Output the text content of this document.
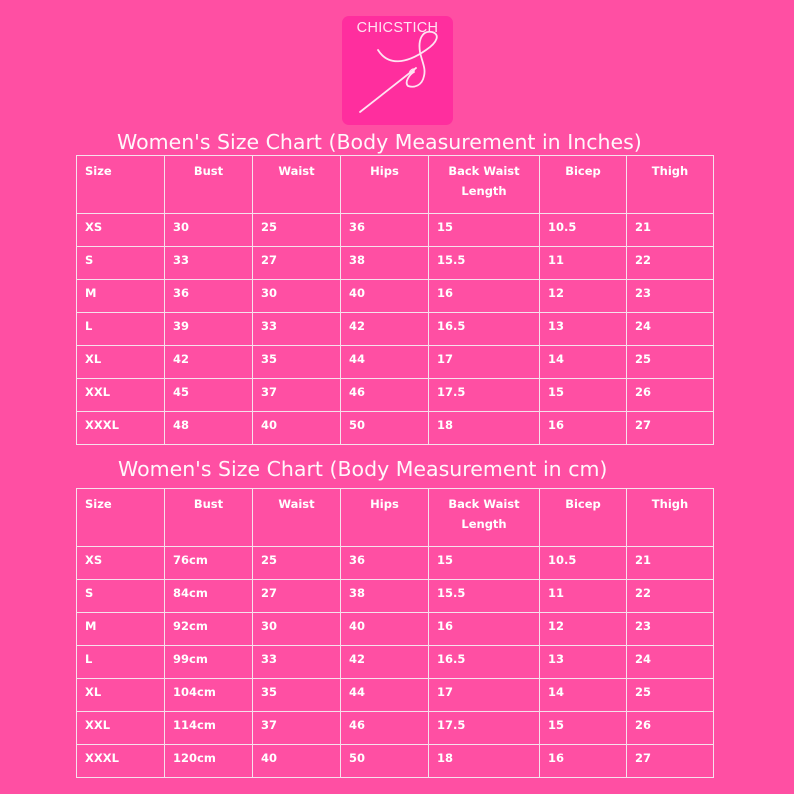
CHICSTICH
Women's Size Chart (Body Measurement in Inches)
Size	Bust	Waist	Hips	Back Waist Length	Bicep	Thigh
XS	30	25	36	15	10.5	21
S	33	27	38	15.5	11	22
M	36	30	40	16	12	23
L	39	33	42	16.5	13	24
XL	42	35	44	17	14	25
XXL	45	37	46	17.5	15	26
XXXL	48	40	50	18	16	27
Women's Size Chart (Body Measurement in cm)
Size	Bust	Waist	Hips	Back Waist Length	Bicep	Thigh
XS	76cm	25	36	15	10.5	21
S	84cm	27	38	15.5	11	22
M	92cm	30	40	16	12	23
L	99cm	33	42	16.5	13	24
XL	104cm	35	44	17	14	25
XXL	114cm	37	46	17.5	15	26
XXXL	120cm	40	50	18	16	27
